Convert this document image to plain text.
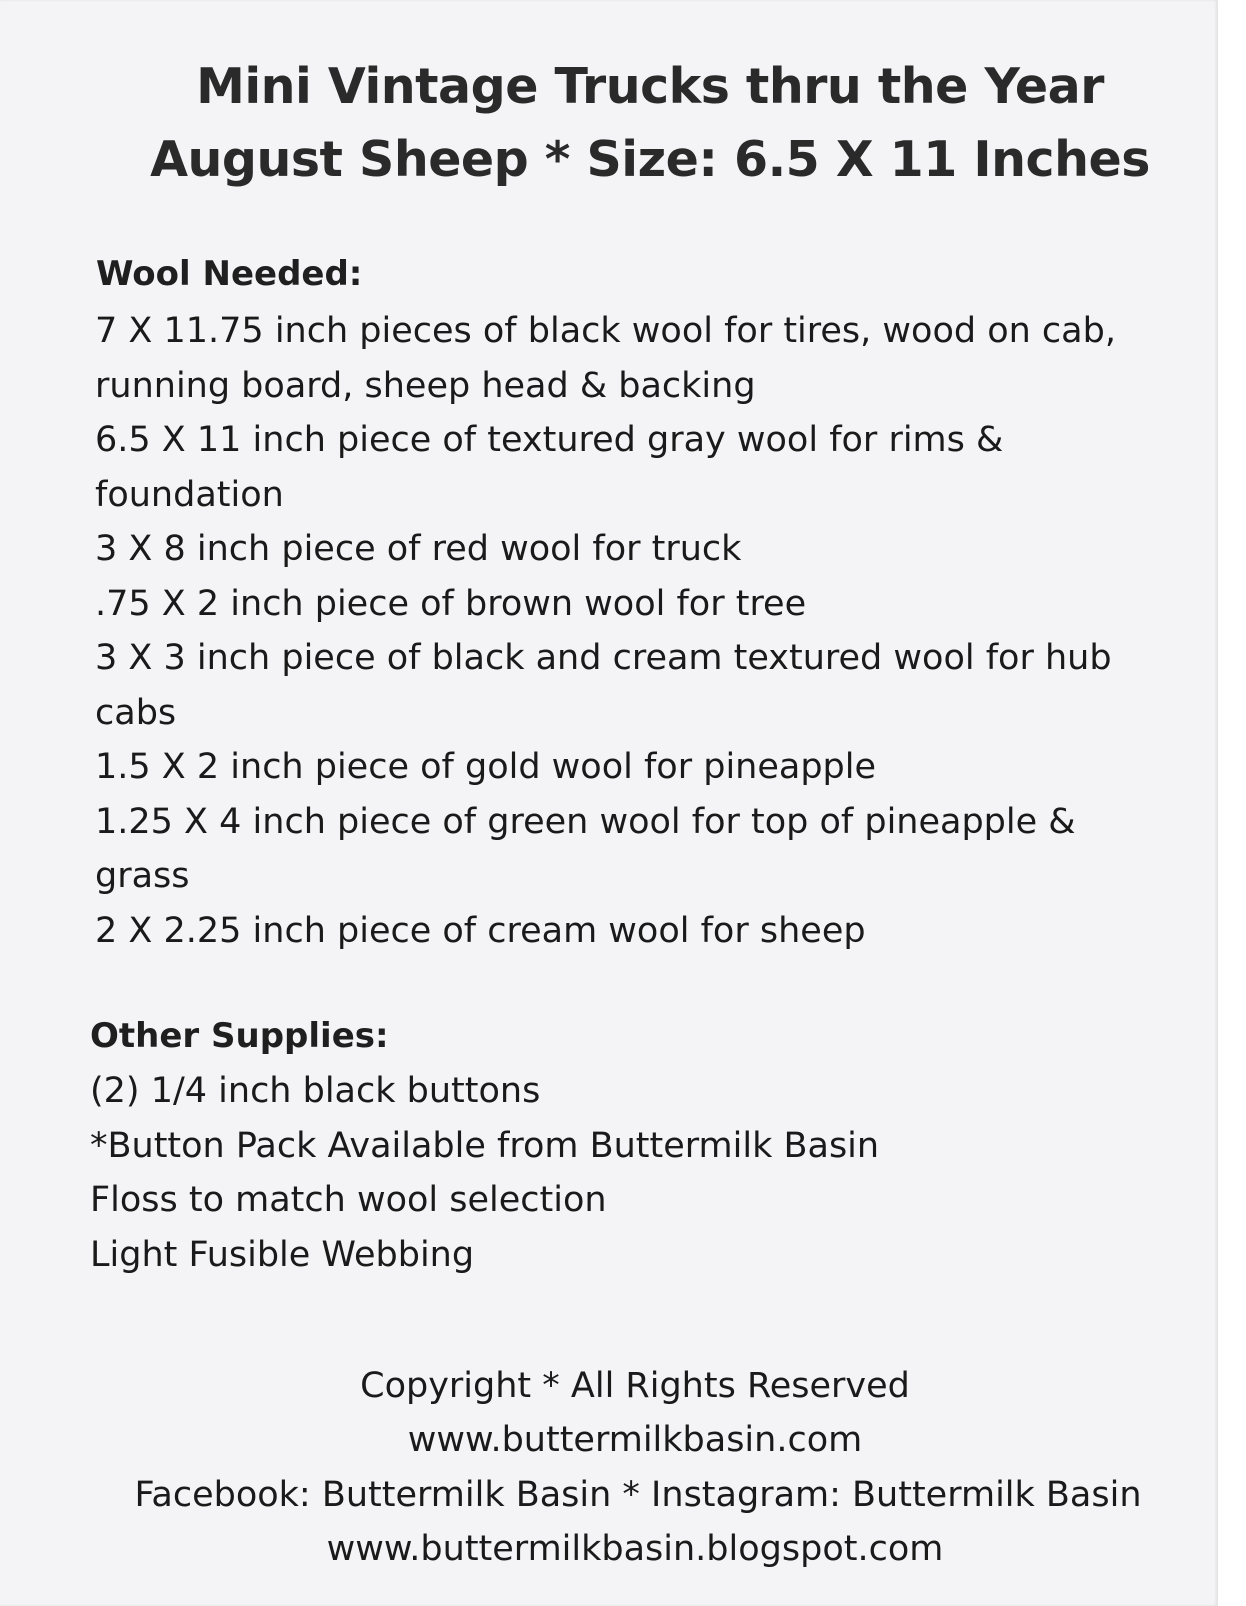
Mini Vintage Trucks thru the Year
August Sheep * Size: 6.5 X 11 Inches
Wool Needed:
7 X 11.75 inch pieces of black wool for tires, wood on cab, running board, sheep head & backing
6.5 X 11 inch piece of textured gray wool for rims & foundation
3 X 8 inch piece of red wool for truck
.75 X 2 inch piece of brown wool for tree
3 X 3 inch piece of black and cream textured wool for hub cabs
1.5 X 2 inch piece of gold wool for pineapple
1.25 X 4 inch piece of green wool for top of pineapple & grass
2 X 2.25 inch piece of cream wool for sheep
Other Supplies:
(2) 1/4 inch black buttons
*Button Pack Available from Buttermilk Basin
Floss to match wool selection
Light Fusible Webbing
Copyright * All Rights Reserved
www.buttermilkbasin.com
Facebook: Buttermilk Basin * Instagram: Buttermilk Basin
www.buttermilkbasin.blogspot.com
